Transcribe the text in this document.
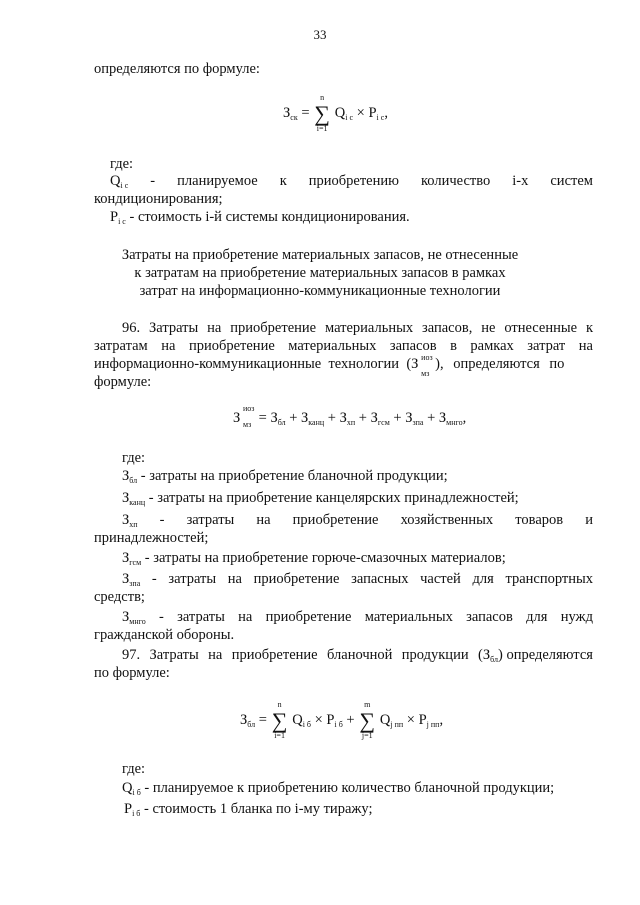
33
определяются по формуле:
$З_{ск}$ = ∑
n
i=1
$Q_{i с} \times P_{i с}$,
где:
$Q_{i с}$ - планируемое к приобретению количество i-х систем
кондиционирования;
$P_{i с}$ - стоимость i-й системы кондиционирования.
Затраты на приобретение материальных запасов, не отнесенные
к затратам на приобретение материальных запасов в рамках
затрат на информационно-коммуникационные технологии
96. Затраты на приобретение материальных запасов, не отнесенные к
затратам на приобретение материальных запасов в рамках затрат на
информационно-коммуникационные технологии  (З иоз
мз
), определяются по
формуле:
З
иоз
мз = $З_{бл} + З_{канц} + З_{хп} + З_{гсм} + З_{зпа} + З_{мнго}$,
где:
$З_{бл}$ - затраты на приобретение бланочной продукции;
$З_{канц}$ - затраты на приобретение канцелярских принадлежностей;
$З_{хп}$ - затраты на приобретение хозяйственных товаров и
принадлежностей;
$З_{гсм}$ - затраты на приобретение горюче-смазочных материалов;
$З_{зпа}$ - затраты на приобретение запасных частей для транспортных
средств;
$З_{мнго}$ - затраты на приобретение материальных запасов для нужд
гражданской обороны.
97. Затраты на приобретение бланочной продукции $(З_{бл})$ определяются
по формуле:
$З_{бл}$ = ∑
n
i=1
$Q_{i б} \times P_{i б}$ + ∑
m
j=1
$Q_{j пп} \times P_{j пп}$,
где:
$Q_{i б}$ - планируемое к приобретению количество бланочной продукции;
$P_{i б}$ - стоимость 1 бланка по i-му тиражу;
